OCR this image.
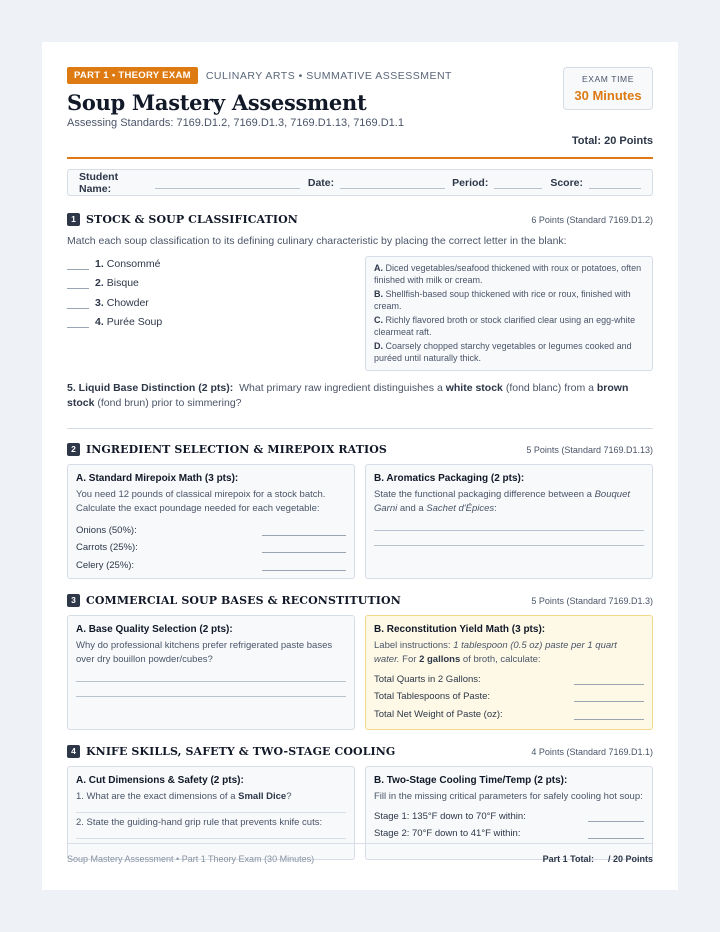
PART 1 • THEORY EXAM	CULINARY ARTS • SUMMATIVE ASSESSMENT
Soup Mastery Assessment
Assessing Standards: 7169.D1.2, 7169.D1.3, 7169.D1.13, 7169.D1.1
EXAM TIME
30 Minutes
Total: 20 Points
Student Name:	Date:	Period:	Score:
1 STOCK & SOUP CLASSIFICATION	6 Points (Standard 7169.D1.2)
Match each soup classification to its defining culinary characteristic by placing the correct letter in the blank:
1. Consommé
2. Bisque
3. Chowder
4. Purée Soup
A. Diced vegetables/seafood thickened with roux or potatoes, often finished with milk or cream.
B. Shellfish-based soup thickened with rice or roux, finished with cream.
C. Richly flavored broth or stock clarified clear using an egg-white clearmeat raft.
D. Coarsely chopped starchy vegetables or legumes cooked and puréed until naturally thick.
5. Liquid Base Distinction (2 pts): What primary raw ingredient distinguishes a white stock (fond blanc) from a brown stock (fond brun) prior to simmering?
2 INGREDIENT SELECTION & MIREPOIX RATIOS	5 Points (Standard 7169.D1.13)
A. Standard Mirepoix Math (3 pts):
You need 12 pounds of classical mirepoix for a stock batch. Calculate the exact poundage needed for each vegetable:
Onions (50%):
Carrots (25%):
Celery (25%):
B. Aromatics Packaging (2 pts):
State the functional packaging difference between a Bouquet Garni and a Sachet d'Épices:
3 COMMERCIAL SOUP BASES & RECONSTITUTION	5 Points (Standard 7169.D1.3)
A. Base Quality Selection (2 pts):
Why do professional kitchens prefer refrigerated paste bases over dry bouillon powder/cubes?
B. Reconstitution Yield Math (3 pts):
Label instructions: 1 tablespoon (0.5 oz) paste per 1 quart water. For 2 gallons of broth, calculate:
Total Quarts in 2 Gallons:
Total Tablespoons of Paste:
Total Net Weight of Paste (oz):
4 KNIFE SKILLS, SAFETY & TWO-STAGE COOLING	4 Points (Standard 7169.D1.1)
A. Cut Dimensions & Safety (2 pts):
1. What are the exact dimensions of a Small Dice?
2. State the guiding-hand grip rule that prevents knife cuts:
B. Two-Stage Cooling Time/Temp (2 pts):
Fill in the missing critical parameters for safely cooling hot soup:
Stage 1: 135°F down to 70°F within:
Stage 2: 70°F down to 41°F within:
Soup Mastery Assessment • Part 1 Theory Exam (30 Minutes)	Part 1 Total: / 20 Points
